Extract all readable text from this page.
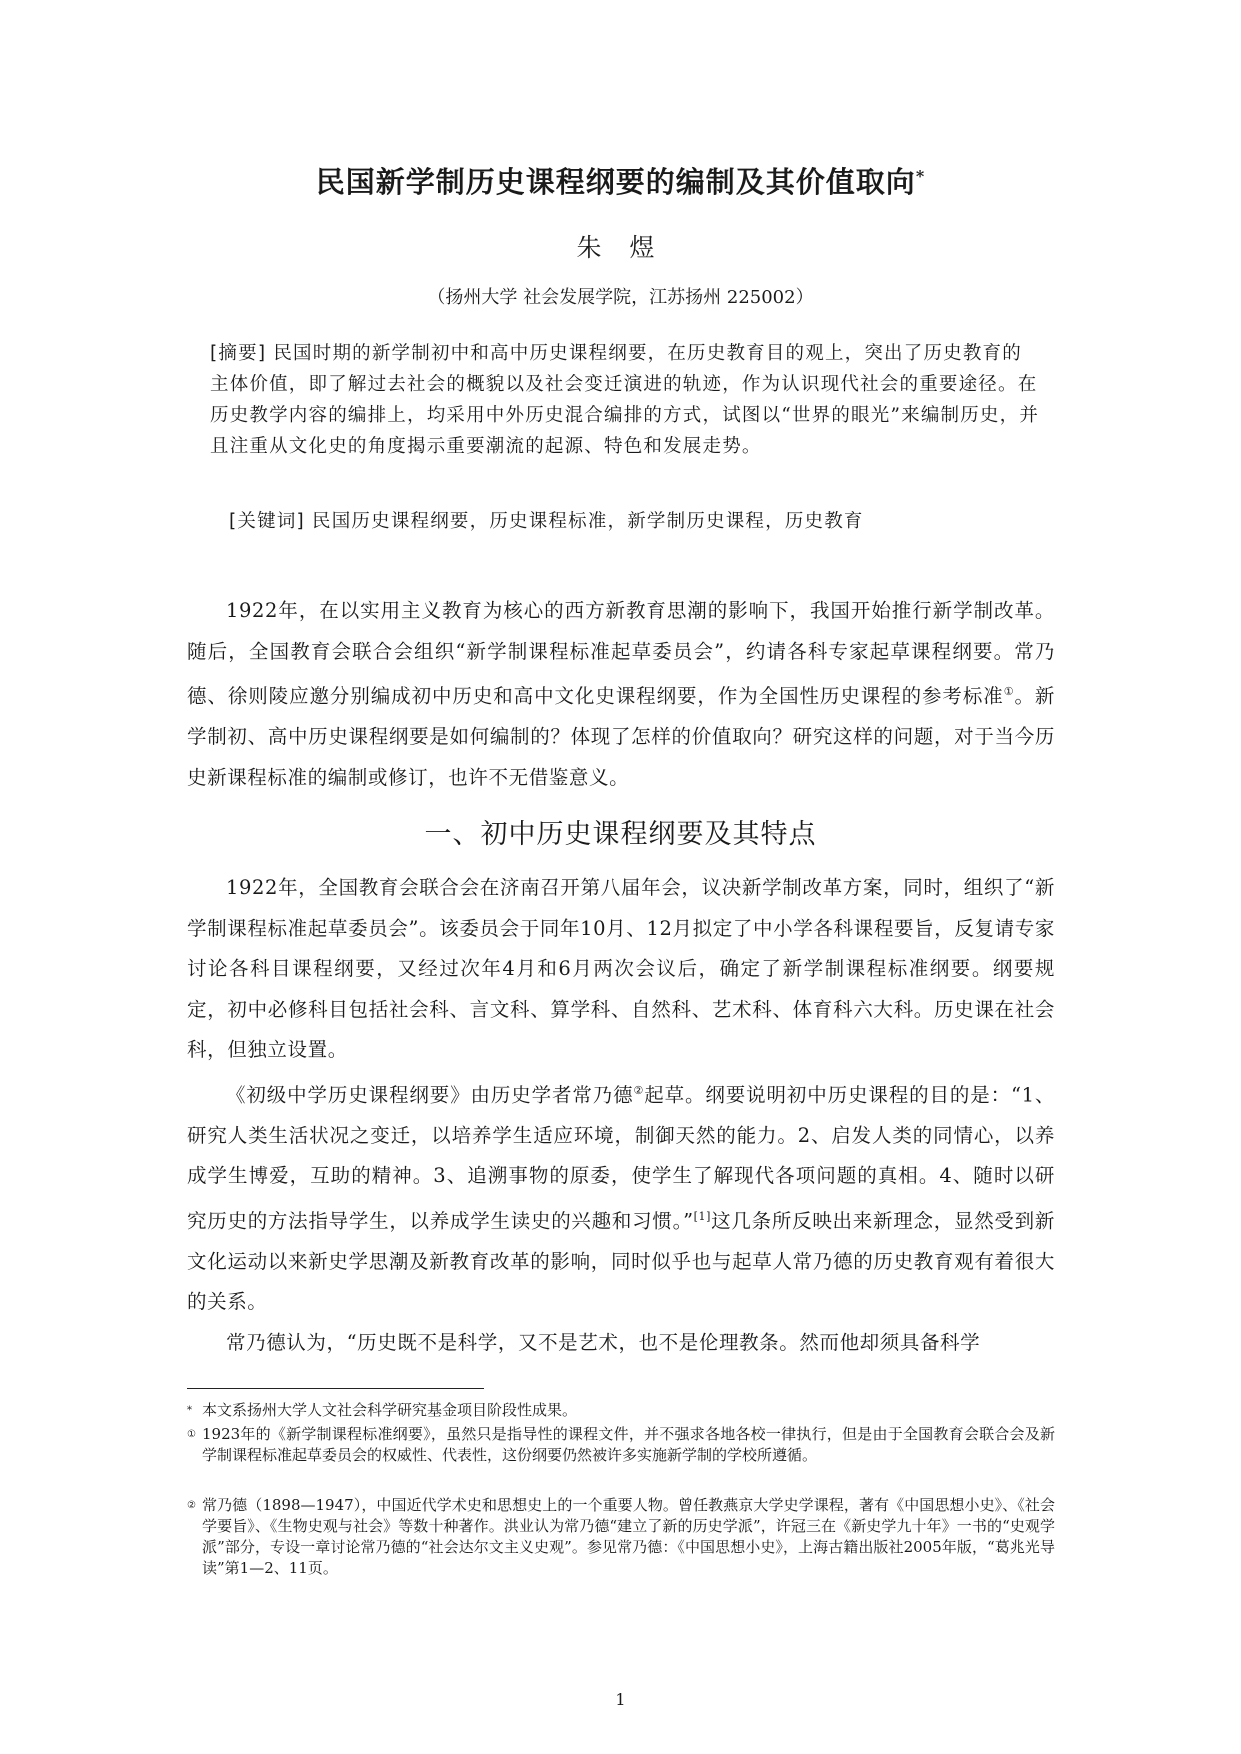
民国新学制历史课程纲要的编制及其价值取向*
朱 煜
（扬州大学 社会发展学院，江苏扬州 225002）
[摘要] 民国时期的新学制初中和高中历史课程纲要，在历史教育目的观上，突出了历史教育的主体价值，即了解过去社会的概貌以及社会变迁演进的轨迹，作为认识现代社会的重要途径。在历史教学内容的编排上，均采用中外历史混合编排的方式，试图以“世界的眼光”来编制历史，并且注重从文化史的角度揭示重要潮流的起源、特色和发展走势。
[关键词] 民国历史课程纲要，历史课程标准，新学制历史课程，历史教育

1922年，在以实用主义教育为核心的西方新教育思潮的影响下，我国开始推行新学制改革。随后，全国教育会联合会组织“新学制课程标准起草委员会”，约请各科专家起草课程纲要。常乃德、徐则陵应邀分别编成初中历史和高中文化史课程纲要，作为全国性历史课程的参考标准①。新学制初、高中历史课程纲要是如何编制的？体现了怎样的价值取向？研究这样的问题，对于当今历史新课程标准的编制或修订，也许不无借鉴意义。

一、初中历史课程纲要及其特点

1922年，全国教育会联合会在济南召开第八届年会，议决新学制改革方案，同时，组织了“新学制课程标准起草委员会”。该委员会于同年10月、12月拟定了中小学各科课程要旨，反复请专家讨论各科目课程纲要，又经过次年4月和6月两次会议后，确定了新学制课程标准纲要。纲要规定，初中必修科目包括社会科、言文科、算学科、自然科、艺术科、体育科六大科。历史课在社会科，但独立设置。

《初级中学历史课程纲要》由历史学者常乃德②起草。纲要说明初中历史课程的目的是：“1、研究人类生活状况之变迁，以培养学生适应环境，制御天然的能力。2、启发人类的同情心，以养成学生博爱，互助的精神。3、追溯事物的原委，使学生了解现代各项问题的真相。4、随时以研究历史的方法指导学生，以养成学生读史的兴趣和习惯。”[1]这几条所反映出来新理念，显然受到新文化运动以来新史学思潮及新教育改革的影响，同时似乎也与起草人常乃德的历史教育观有着很大的关系。

常乃德认为，“历史既不是科学，又不是艺术，也不是伦理教条。然而他却须具备科学

* 本文系扬州大学人文社会科学研究基金项目阶段性成果。
① 1923年的《新学制课程标准纲要》，虽然只是指导性的课程文件，并不强求各地各校一律执行，但是由于全国教育会联合会及新学制课程标准起草委员会的权威性、代表性，这份纲要仍然被许多实施新学制的学校所遵循。
② 常乃德（1898—1947），中国近代学术史和思想史上的一个重要人物。曾任教燕京大学史学课程，著有《中国思想小史》、《社会学要旨》、《生物史观与社会》等数十种著作。洪业认为常乃德“建立了新的历史学派”，许冠三在《新史学九十年》一书的“史观学派”部分，专设一章讨论常乃德的“社会达尔文主义史观”。参见常乃德：《中国思想小史》，上海古籍出版社2005年版，“葛兆光导读”第1—2、11页。
1
